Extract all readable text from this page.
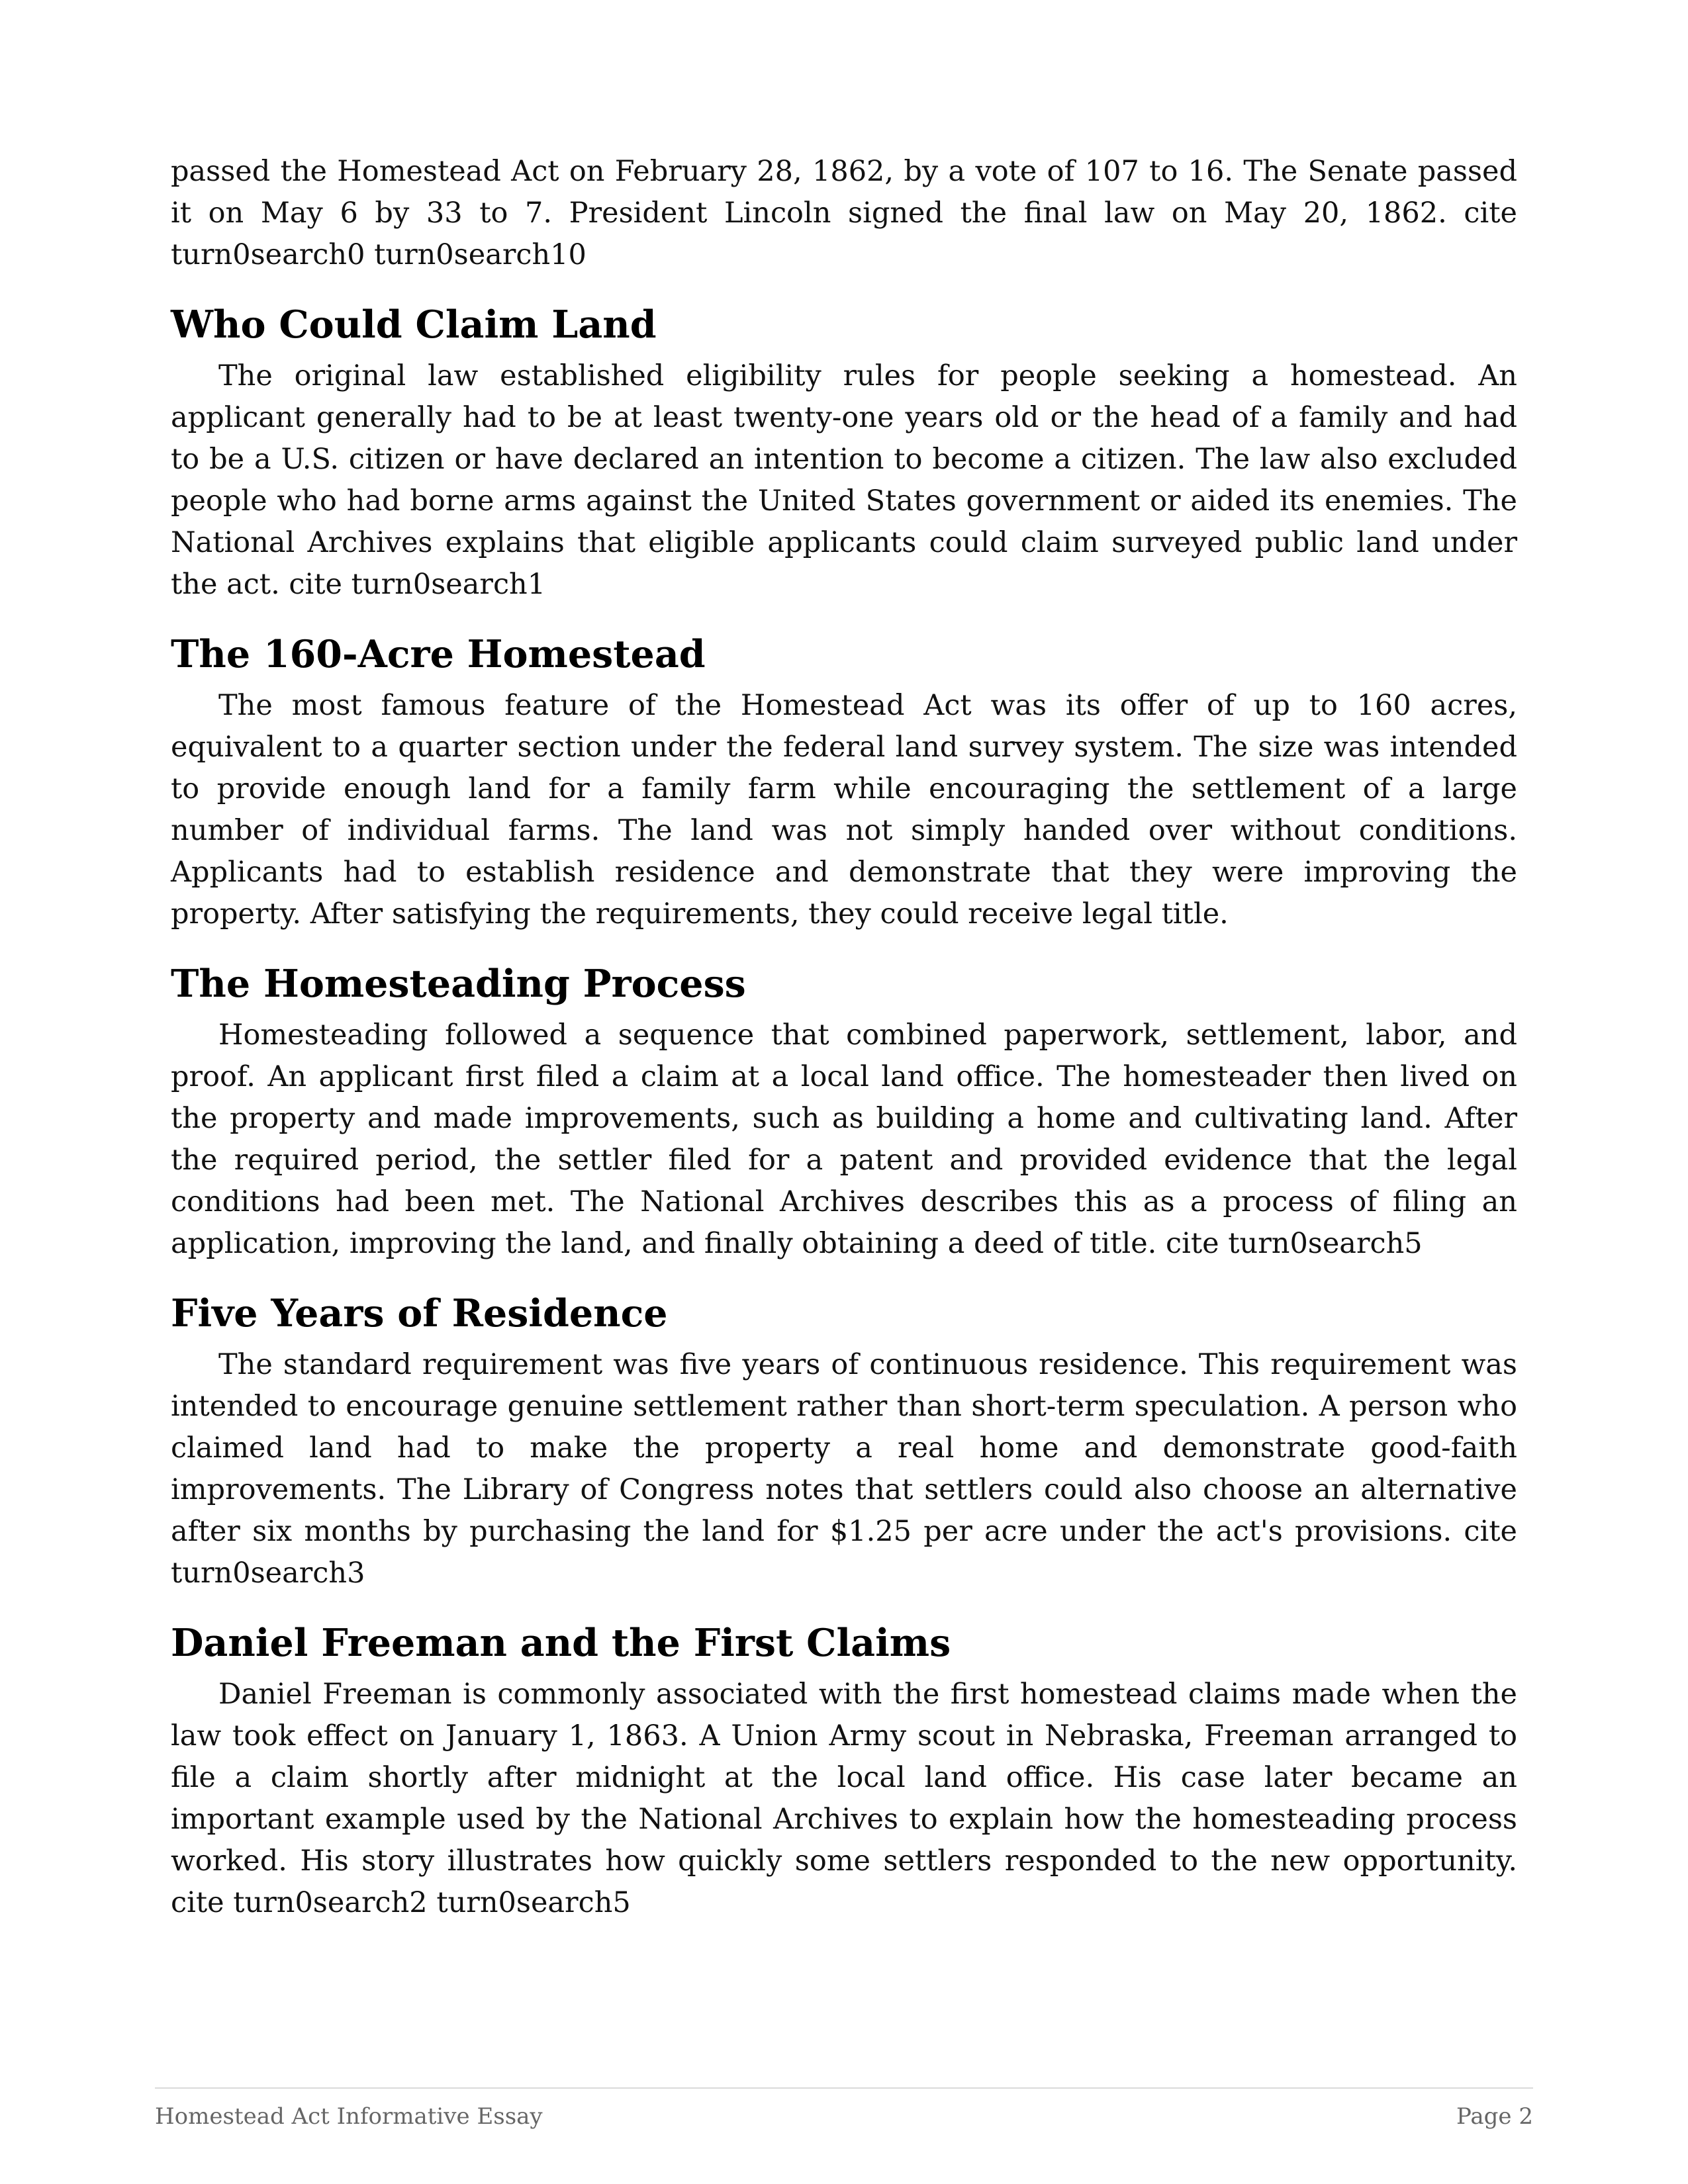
passed the Homestead Act on February 28, 1862, by a vote of 107 to 16. The Senate passed it on May 6 by 33 to 7. President Lincoln signed the final law on May 20, 1862. cite turn0search0 turn0search10

Who Could Claim Land

The original law established eligibility rules for people seeking a homestead. An applicant generally had to be at least twenty-one years old or the head of a family and had to be a U.S. citizen or have declared an intention to become a citizen. The law also excluded people who had borne arms against the United States government or aided its enemies. The National Archives explains that eligible applicants could claim surveyed public land under the act. cite turn0search1

The 160-Acre Homestead

The most famous feature of the Homestead Act was its offer of up to 160 acres, equivalent to a quarter section under the federal land survey system. The size was intended to provide enough land for a family farm while encouraging the settlement of a large number of individual farms. The land was not simply handed over without conditions. Applicants had to establish residence and demonstrate that they were improving the property. After satisfying the requirements, they could receive legal title.

The Homesteading Process

Homesteading followed a sequence that combined paperwork, settlement, labor, and proof. An applicant first filed a claim at a local land office. The homesteader then lived on the property and made improvements, such as building a home and cultivating land. After the required period, the settler filed for a patent and provided evidence that the legal conditions had been met. The National Archives describes this as a process of filing an application, improving the land, and finally obtaining a deed of title. cite turn0search5

Five Years of Residence

The standard requirement was five years of continuous residence. This requirement was intended to encourage genuine settlement rather than short-term speculation. A person who claimed land had to make the property a real home and demonstrate good-faith improvements. The Library of Congress notes that settlers could also choose an alternative after six months by purchasing the land for $1.25 per acre under the act's provisions. cite turn0search3

Daniel Freeman and the First Claims

Daniel Freeman is commonly associated with the first homestead claims made when the law took effect on January 1, 1863. A Union Army scout in Nebraska, Freeman arranged to file a claim shortly after midnight at the local land office. His case later became an important example used by the National Archives to explain how the homesteading process worked. His story illustrates how quickly some settlers responded to the new opportunity. cite turn0search2 turn0search5

Homestead Act Informative Essay	Page 2
